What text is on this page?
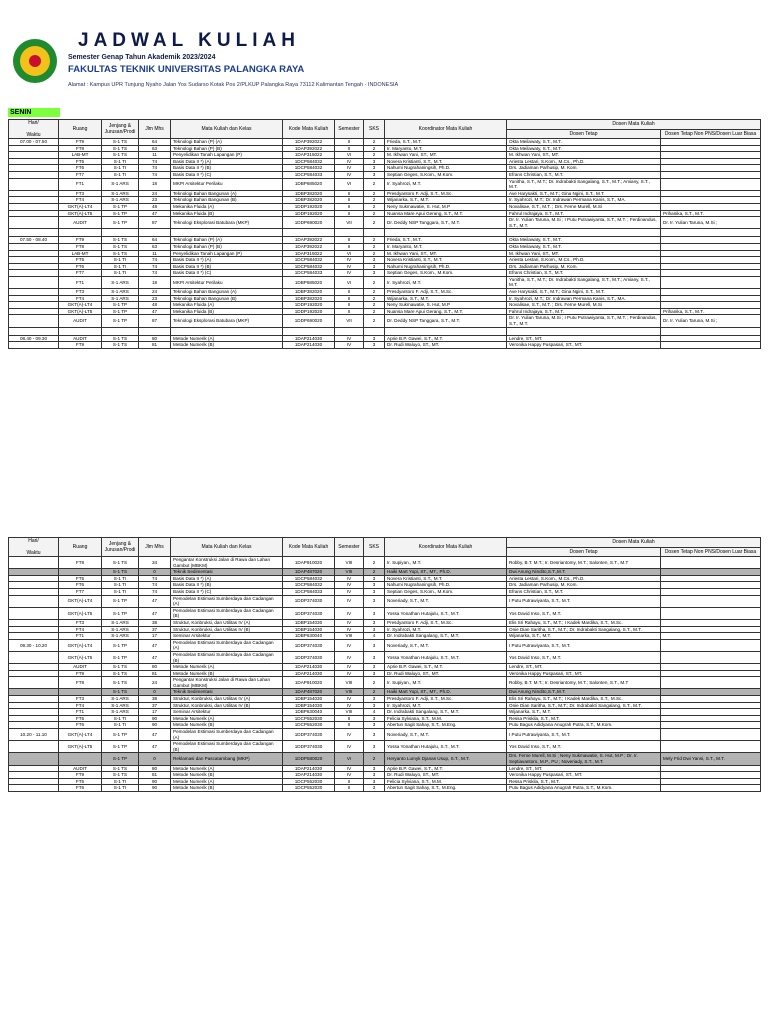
JADWAL KULIAH
Semester Genap Tahun Akademik 2023/2024
FAKULTAS TEKNIK UNIVERSITAS PALANGKA RAYA
Alamat : Kampus UPR Tunjung Nyaho Jalan Yos Sudarso Kotak Pos 2/PLKUP Palangka Raya 73112 Kalimantan Tengah - INDONESIA
SENIN
Hari/

Waktu	Ruang	Jenjang & Jurusan/Prodi	Jlm Mhs	Mata Kuliah dan Kelas	Kode Mata Kuliah	Semester	SKS	Koordinator Mata Kuliah	Dosen Mata Kuliah	
									Dosen Tetap	Dosen Tetap Non PNS/Dosen Luar Biasa
07.00 - 07.50	FT9	S-1 TS	64	Teknologi Bahan (P) (A)	1DAP392022	II	2	Frieda, S.T., M.T.	Okta Meilawaty, S.T., M.T.	
	FT8	S-1 TS	63	Teknologi Bahan (P) (B)	1DAP392022	II	2	Ir. Maryanto, M.T.	Okta Meilawaty, S.T., M.T.	
	LAB-MT	S-1 TS	11	Penyelidikan Tanah Lapangan (P)	1DAP315022	VI	2	M. Ikhwan Yani, ST., MT.	M. Ikhwan Yani, ST., MT.	
	FT5	S-1 TI	74	Basis Data II *) (A)	1DCP584032	IV	3	Novera Kristianti, S.T., M.T.	Ariesta Lestari, S.Kom., M.Cs., Ph.D.	
	FT6	S-1 TI	74	Basis Data II *) (B)	1DCP584032	IV	3	Nahumi Nugrahaningsih, Ph.D.	Drs. Jadiaman Parhusip, M. Kom.	
	FT7	S-1 TI	74	Basis Data II *) (C)	1DCP584033	IV	3	Septian Geges, S.Kom., M.Kom.	Efrans Christian, S.T., M.T.	
	FT1	S-1 ARS	18	MKPI Arsitektur Perilaku	1DBP685020	VI	2	Ir. Syahrozi, M.T.	Yunitha, S.T., M.T.; Dr. Indrabakti Sangalang, S.T., M.T.; Amiany, S.T., M.T.	
	FT3	S-1 ARS	24	Teknologi Bahan Bangunan (A)	1DBP382020	II	2	Presdyantoro F. Adji, S.T., M.Sc.	Ave Harysakti, S.T., M.T.; Gina Ngini, S.T., M.T.	
	FT4	S-1 ARS	23	Teknologi Bahan Bangunan (B)	1DBP382020	II	2	Wijanarka, S.T., M.T.	Ir. Syahrozi, M.T.; Dr. Indrawan Permana Kanis, S.T., MA.	
	GKT(A)-LT4	S-1 TP	48	Mekanika Fluida (A)	1DDP192020	II	2	Neny Sukmawatie, S. Hut, M.P	Novalisae, S.T., M.T. ; Drs. Ferne Murell, M.Si	
	GKT(A)-LT5	S-1 TP	47	Mekanika Fluida (B)	1DDP192020	II	2	Nuansa Mare Apui Gerang, S.T., M.T.	Fahrul Indrajaya, S.T., M.T.	Prihanika, S.T., M.T.
	AUDIT	S-1 TP	87	Teknologi Eksplorasi Batubara (MKP)	1DDP690020	VII	2	Dr. Deddy NSP Tanggara, S.T., M.T.	Dr. Ir. Yulian Taruna, M.Si ; I Putu Putrawiyanta, S.T., M.T. ; Ferdinandus, S.T., M.T.	Dr. Ir. Yulian Taruna, M.Si ;

07.50 - 08.40	FT9	S-1 TS	64	Teknologi Bahan (P) (A)	1DAP392022	II	2	Frieda, S.T., M.T.	Okta Meilawaty, S.T., M.T.	
	FT8	S-1 TS	63	Teknologi Bahan (P) (B)	1DAP392022	II	2	Ir. Maryanto, M.T.	Okta Meilawaty, S.T., M.T.	
	LAB-MT	S-1 TS	11	Penyelidikan Tanah Lapangan (P)	1DAP315022	VI	2	M. Ikhwan Yani, ST., MT.	M. Ikhwan Yani, ST., MT.	
	FT5	S-1 TI	74	Basis Data II *) (A)	1DCP584032	IV	3	Novera Kristianti, S.T., M.T.	Ariesta Lestari, S.Kom., M.Cs., Ph.D.	
	FT6	S-1 TI	74	Basis Data II *) (B)	1DCP584032	IV	3	Nahumi Nugrahaningsih, Ph.D.	Drs. Jadiaman Parhusip, M. Kom.	
	FT7	S-1 TI	74	Basis Data II *) (C)	1DCP584033	IV	3	Septian Geges, S.Kom., M.Kom.	Efrans Christian, S.T., M.T.	
	FT1	S-1 ARS	18	MKPI Arsitektur Perilaku	1DBP685020	VI	2	Ir. Syahrozi, M.T.	Yunitha, S.T., M.T.; Dr. Indrabakti Sangalang, S.T., M.T.; Amiany, S.T., M.T.	
	FT3	S-1 ARS	24	Teknologi Bahan Bangunan (A)	1DBP382020	II	2	Presdyantoro F. Adji, S.T., M.Sc.	Ave Harysakti, S.T., M.T.; Gina Ngini, S.T., M.T.	
	FT4	S-1 ARS	23	Teknologi Bahan Bangunan (B)	1DBP382020	II	2	Wijanarka, S.T., M.T.	Ir. Syahrozi, M.T.; Dr. Indrawan Permana Kanis, S.T., MA.	
	GKT(A)-LT4	S-1 TP	48	Mekanika Fluida (A)	1DDP192020	II	2	Neny Sukmawatie, S. Hut, M.P	Novalisae, S.T., M.T. ; Drs. Ferne Murell, M.Si	
	GKT(A)-LT5	S-1 TP	47	Mekanika Fluida (B)	1DDP192020	II	2	Nuansa Mare Apui Gerang, S.T., M.T.	Fahrul Indrajaya, S.T., M.T.	Prihanika, S.T., M.T.
	AUDIT	S-1 TP	87	Teknologi Eksplorasi Batubara (MKP)	1DDP690020	VII	2	Dr. Deddy NSP Tanggara, S.T., M.T.	Dr. Ir. Yulian Taruna, M.Si ; I Putu Putrawiyanta, S.T., M.T. ; Ferdinandus, S.T., M.T.	Dr. Ir. Yulian Taruna, M.Si ;

08.40 - 09.30	AUDIT	S-1 TS	80	Metode Numerik (A)	1DAP214030	IV	3	Aprie B.P. Gawei, S.T., M.T.	Lendre, ST., MT.	
	FT9	S-1 TS	81	Metode Numerik (B)	1DAP214030	IV	3	Dr. Rudi Waluyo, ST., MT.	Veronika Happy Puspasari, ST., MT.	
Hari/

Waktu	Ruang	Jenjang & Jurusan/Prodi	Jlm Mhs	Mata Kuliah dan Kelas	Kode Mata Kuliah	Semester	SKS	Koordinator Mata Kuliah	Dosen Mata Kuliah	
									Dosen Tetap	Dosen Tetap Non PNS/Dosen Luar Biasa
	FT8	S-1 TS	34	Pengantar Konstruksi Jalan di Rawa dan Lahan Gambut (MBKM)	1DAP910020	VIII	2	Ir. Supiyan., M.T.	Robby, B.T. M.T.; Ir. Desriantomy, M.T.; Salonten, S.T., M.T	
		S-1 TS	0	Teknik Sedimentasi	1DAP487020	VIII	2	Haiki Mart Yupi, ST., MT., Ph.D.	Dwi Anung Nindito,S.T.,M.T.	
	FT5	S-1 TI	74	Basis Data II *) (A)	1DCP584032	IV	3	Novera Kristianti, S.T., M.T.	Ariesta Lestari, S.Kom., M.Cs., Ph.D.	
	FT6	S-1 TI	74	Basis Data II *) (B)	1DCP584032	IV	3	Nahumi Nugrahaningsih, Ph.D.	Drs. Jadiaman Parhusip, M. Kom.	
	FT7	S-1 TI	74	Basis Data II *) (C)	1DCP584033	IV	3	Septian Geges, S.Kom., M.Kom.	Efrans Christian, S.T., M.T.	
	GKT(A)-LT4	S-1 TP	47	Pemodelan Estimasi Sumberdaya dan Cadangan (A)	1DDP374030	IV	3	Noveriady, S.T., M.T.	I Putu Putrawiyanta, S.T., M.T.	
	GKT(A)-LT5	S-1 TP	47	Pemodelan Estimasi Sumberdaya dan Cadangan (B)	1DDP374030	IV	3	Yossa Yonathan Hutajulu, S.T., M.T.	Yos David Inso, S.T., M.T.	
	FT3	S-1 ARS	38	Struktur, Konbruksi, dan Utilitas IV (A)	1DBP154030	IV	3	Presdyantoro F. Adji, S.T., M.Sc.	Elis Sri Rahayu, S.T., M.T.; I Kadek Mardika, S.T., M.Sc.	
	FT4	S-1 ARS	37	Struktur, Konbruksi, dan Utilitas IV (B)	1DBP154030	IV	3	Ir. Syahrozi, M.T.	Onie Dian Saritha, S.T., M.T.; Dr. Indrabakti Sangalang, S.T., M.T.	
	FT1	S-1 ARS	17	Seminar Arsitektur	1DBP630040	VIII	4	Dr. Indrabakti Sangalang, S.T., M.T.	Wijanarka, S.T., M.T.	
09.30 - 10.20	GKT(A)-LT4	S-1 TP	47	Pemodelan Estimasi Sumberdaya dan Cadangan (A)	1DDP374030	IV	3	Noveriady, S.T., M.T.	I Putu Putrawiyanta, S.T., M.T.	
	GKT(A)-LT5	S-1 TP	47	Pemodelan Estimasi Sumberdaya dan Cadangan (B)	1DDP374030	IV	3	Yossa Yonathan Hutajulu, S.T., M.T.	Yos David Inso, S.T., M.T.	
	AUDIT	S-1 TS	80	Metode Numerik (A)	1DAP214030	IV	3	Aprie B.P. Gawei, S.T., M.T.	Lendre, ST., MT.	
	FT9	S-1 TS	81	Metode Numerik (B)	1DAP214030	IV	3	Dr. Rudi Waluyo, ST., MT.	Veronika Happy Puspasari, ST., MT.	
	FT8	S-1 TS	24	Pengantar Konstruksi Jalan di Rawa dan Lahan Gambut (MBKM)	1DAP910020	VIII	2	Ir. Supiyan., M.T.	Robby, B.T. M.T.; Ir. Desriantomy, M.T.; Salonten, S.T., M.T	
		S-1 TS	0	Teknik Sedimentasi	1DAP487020	VIII	2	Haiki Mart Yupi, ST., MT., Ph.D.	Dwi Anung Nindito,S.T.,M.T.	
	FT3	S-1 ARS	38	Struktur, Konbruksi, dan Utilitas IV (A)	1DBP154030	IV	3	Presdyantoro F. Adji, S.T., M.Sc.	Elis Sri Rahayu, S.T., M.T.; I Kadek Mardika, S.T., M.Sc.	
	FT4	S-1 ARS	37	Struktur, Konbruksi, dan Utilitas IV (B)	1DBP154030	IV	3	Ir. Syahrozi, M.T.	Onie Dian Saritha, S.T., M.T.; Dr. Indrabakti Sangalang, S.T., M.T.	
	FT1	S-1 ARS	17	Seminar Arsitektur	1DBP630040	VIII	4	Dr. Indrabakti Sangalang, S.T., M.T.	Wijanarka, S.T., M.T.	
	FT5	S-1 TI	90	Metode Numerik (A)	1DCP552030	II	3	Felicia Sylviana, S.T., M.M.	Ressa Priskila, S.T., M.T.	
	FT6	S-1 TI	90	Metode Numerik (B)	1DCP552030	II	3	Abertun Sagit Sahay, S.T., M.Eng.	Putu Bagus Adidyana Anugrah Putra, S.T., M.Kom.	
10.20 - 11.10	GKT(A)-LT4	S-1 TP	47	Pemodelan Estimasi Sumberdaya dan Cadangan (A)	1DDP374030	IV	3	Noveriady, S.T., M.T.	I Putu Putrawiyanta, S.T., M.T.	
	GKT(A)-LT5	S-1 TP	47	Pemodelan Estimasi Sumberdaya dan Cadangan (B)	1DDP374030	IV	3	Yossa Yonathan Hutajulu, S.T., M.T.	Yos David Inso, S.T., M.T.	
		S-1 TP	0	Reklamasi dan Pascatambang (MKP)	1DDP580020	VI	2	Heryanto Lumyk Djanas Usup, S.T., M.T.	Drs. Ferne Murell, M.Si ; Neny Sukmawatie, S. Hut, M.P ; Dr. Ir. Septiavantoro, M.P., PU ; Noveriady, S.T., M.T.	Mely Frid Dwi Yansi, S.T., M.T.
	AUDIT	S-1 TS	80	Metode Numerik (A)	1DAP214030	IV	3	Aprie B.P. Gawei, S.T., M.T.	Lendre, ST., MT.	
	FT9	S-1 TS	81	Metode Numerik (B)	1DAP214030	IV	3	Dr. Rudi Waluyo, ST., MT.	Veronika Happy Puspasari, ST., MT.	
	FT5	S-1 TI	90	Metode Numerik (A)	1DCP552030	II	3	Felicia Sylviana, S.T., M.M.	Ressa Priskila, S.T., M.T.	
	FT6	S-1 TI	90	Metode Numerik (B)	1DCP552030	II	3	Abertun Sagit Sahay, S.T., M.Eng.	Putu Bagus Adidyana Anugrah Putra, S.T., M.Kom.	
